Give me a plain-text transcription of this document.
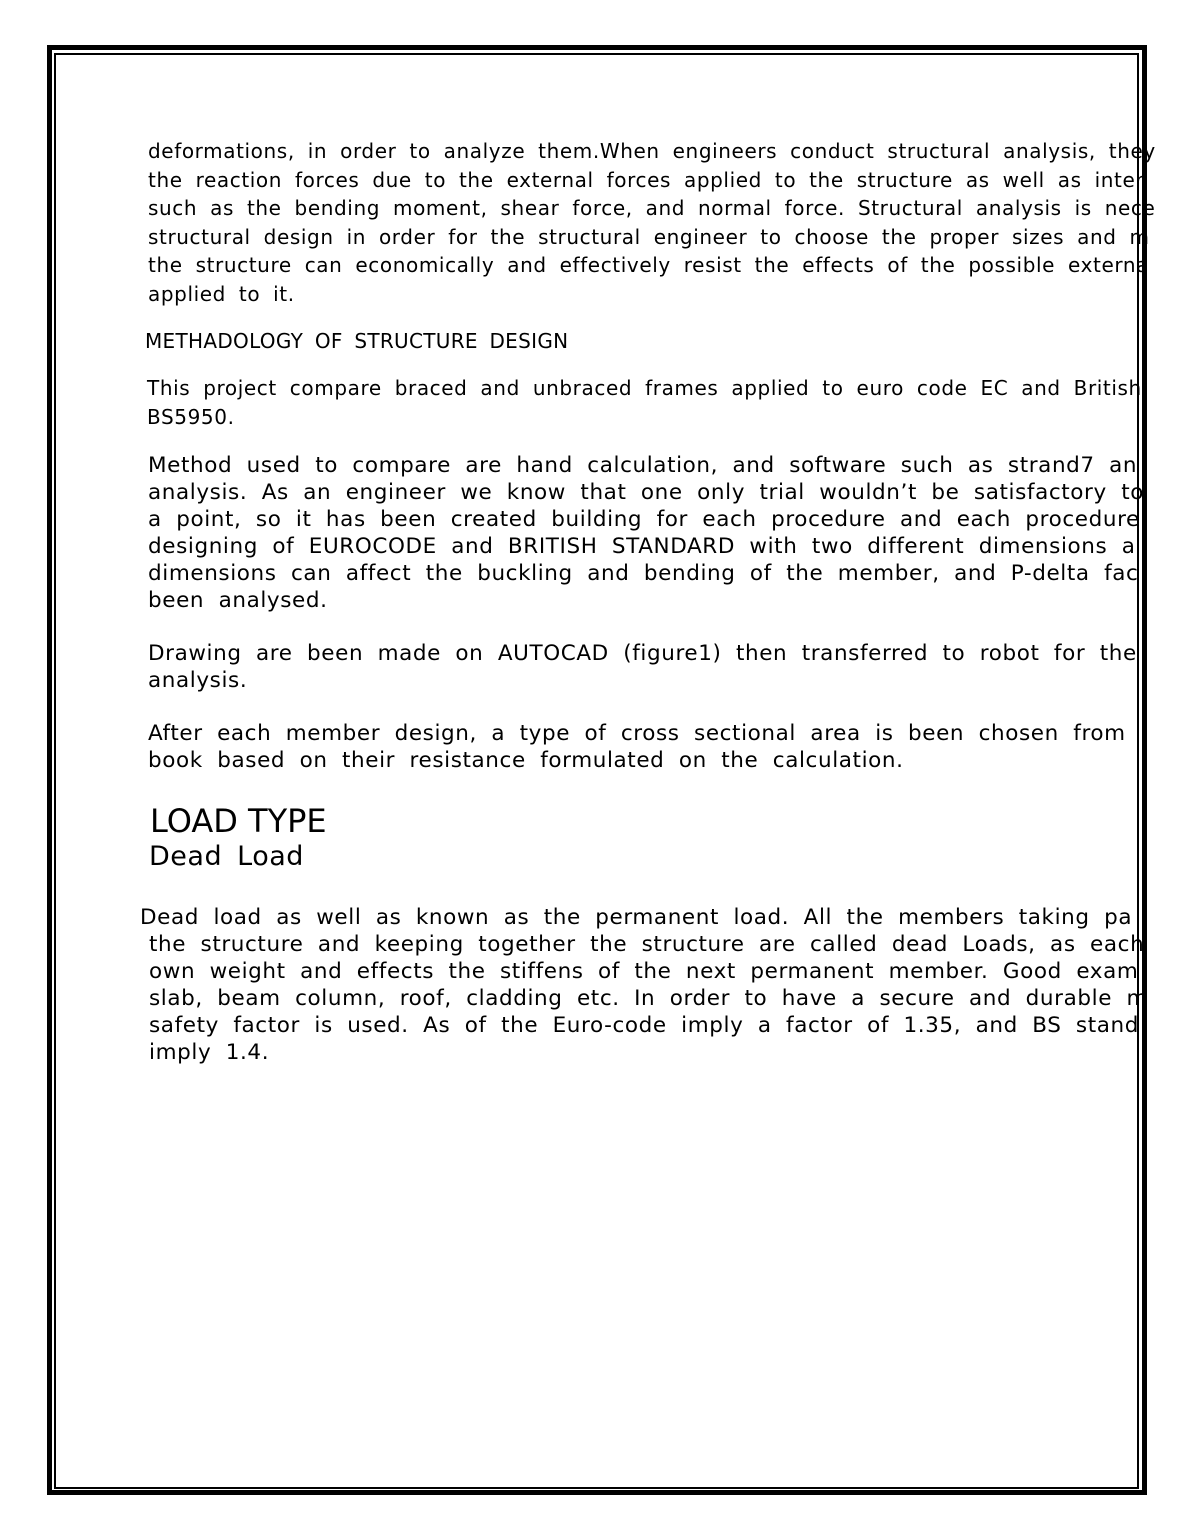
deformations, in order to analyze them.When engineers conduct structural analysis, they
the reaction forces due to the external forces applied to the structure as well as inter
such as the bending moment, shear force, and normal force. Structural analysis is nece
structural design in order for the structural engineer to choose the proper sizes and m
the structure can economically and effectively resist the effects of the possible externa
applied to it.
METHADOLOGY OF STRUCTURE DESIGN
This project compare braced and unbraced frames applied to euro code EC and British
BS5950.
Method used to compare are hand calculation, and software such as strand7 an
analysis. As an engineer we know that one only trial wouldn’t be satisfactory to
a point, so it has been created building for each procedure and each procedure
designing of EUROCODE and BRITISH STANDARD with two different dimensions a
dimensions can affect the buckling and bending of the member, and P-delta fac
been analysed.
Drawing are been made on AUTOCAD (figure1) then transferred to robot for the
analysis.
After each member design, a type of cross sectional area is been chosen from
book based on their resistance formulated on the calculation.
LOAD TYPE
Dead Load
Dead load as well as known as the permanent load. All the members taking pa
the structure and keeping together the structure are called dead Loads, as each
own weight and effects the stiffens of the next permanent member. Good exam
slab, beam column, roof, cladding etc. In order to have a secure and durable m
safety factor is used. As of the Euro-code imply a factor of 1.35, and BS stand
imply 1.4.
